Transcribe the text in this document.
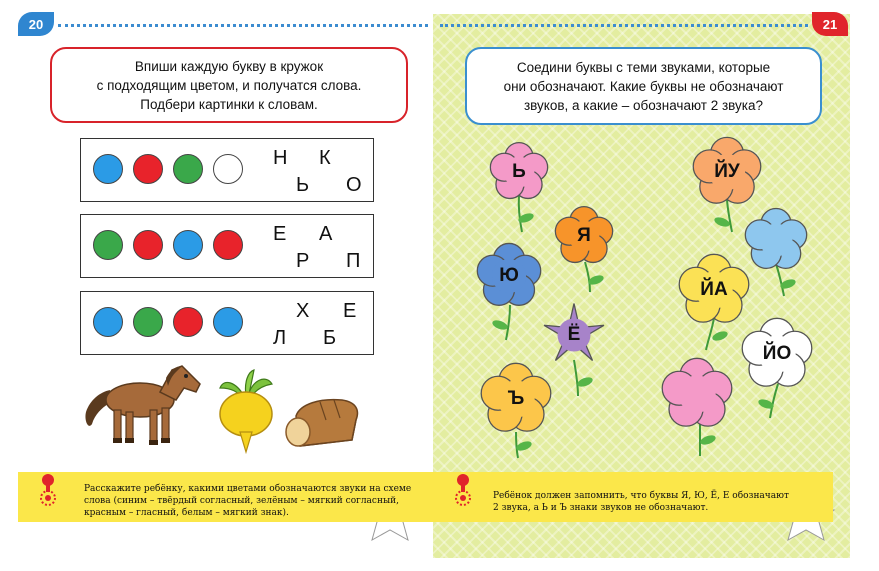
20	21
Впиши каждую букву в кружок
с подходящим цветом, и получатся слова.
Подбери картинки к словам.
Н К
Ь О
Е А
Р П
Х Е
Л Б
Ь
Я
Ю
Ё
Ъ
ЙУ
ЙА
ЙО
Соедини буквы с теми звуками, которые
они обозначают. Какие буквы не обозначают
звуков, а какие – обозначают 2 звука?
Расскажите ребёнку, какими цветами обозначаются звуки на схеме
слова (синим – твёрдый согласный, зелёным – мягкий согласный,
красным – гласный, белым – мягкий знак).
Ребёнок должен запомнить, что буквы Я, Ю, Ё, Е обозначают
2 звука, а Ь и Ъ знаки звуков не обозначают.
